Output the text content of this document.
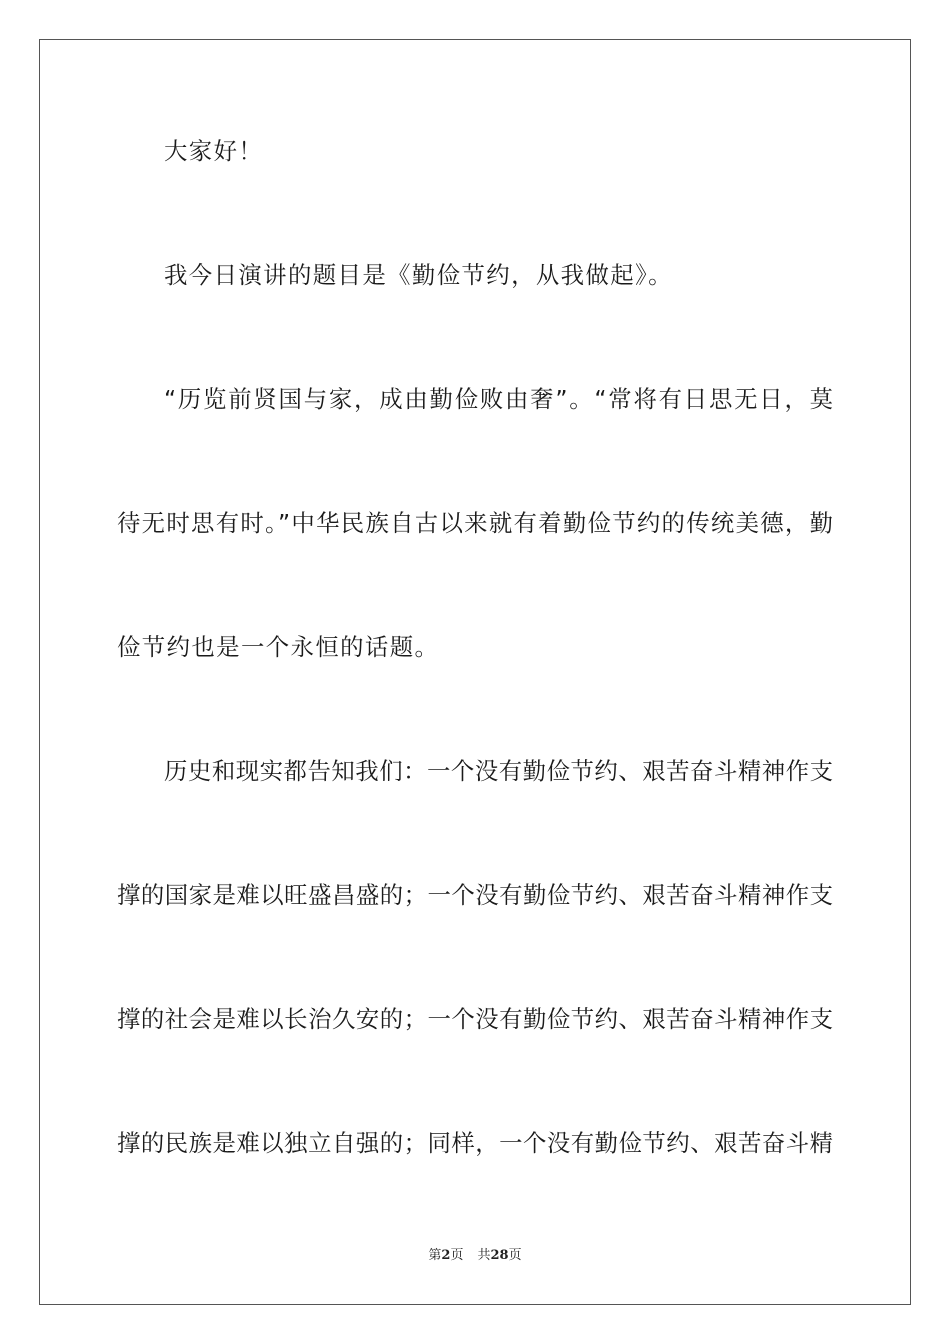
大家好！
我今日演讲的题目是《勤俭节约，从我做起》。
“历览前贤国与家，成由勤俭败由奢”。“常将有日思无日，莫
待无时思有时。”中华民族自古以来就有着勤俭节约的传统美德，勤
俭节约也是一个永恒的话题。
历史和现实都告知我们：一个没有勤俭节约、艰苦奋斗精神作支
撑的国家是难以旺盛昌盛的；一个没有勤俭节约、艰苦奋斗精神作支
撑的社会是难以长治久安的；一个没有勤俭节约、艰苦奋斗精神作支
撑的民族是难以独立自强的；同样，一个没有勤俭节约、艰苦奋斗精
第2页 共28页
